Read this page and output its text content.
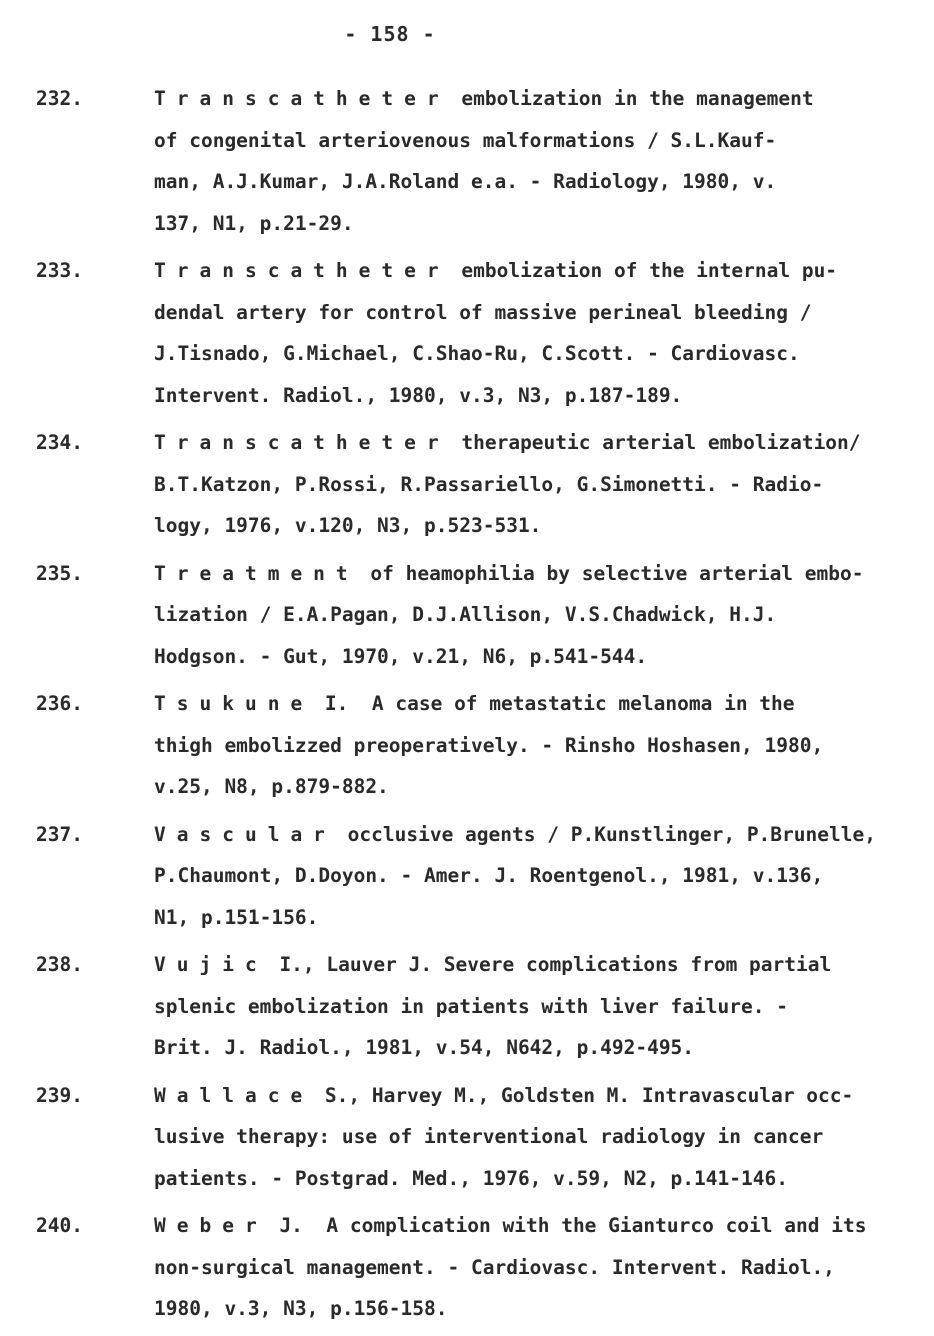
- 158 -
232.	Transcatheter embolization in the management
of congenital arteriovenous malformations / S.L.Kauf-
man, A.J.Kumar, J.A.Roland e.a. - Radiology, 1980, v.
137, N1, p.21-29.
233.	Transcatheter embolization of the internal pu-
dendal artery for control of massive perineal bleeding /
J.Tisnado, G.Michael, C.Shao-Ru, C.Scott. - Cardiovasc.
Intervent. Radiol., 1980, v.3, N3, p.187-189.
234.	Transcatheter therapeutic arterial embolization/
B.T.Katzon, P.Rossi, R.Passariello, G.Simonetti. - Radio-
logy, 1976, v.120, N3, p.523-531.
235.	Treatment of heamophilia by selective arterial embo-
lization / E.A.Pagan, D.J.Allison, V.S.Chadwick, H.J.
Hodgson. - Gut, 1970, v.21, N6, p.541-544.
236.	Tsukune I.  A case of metastatic melanoma in the
thigh embolizzed preoperatively. - Rinsho Hoshasen, 1980,
v.25, N8, p.879-882.
237.	Vascular occlusive agents / P.Kunstlinger, P.Brunelle,
P.Chaumont, D.Doyon. - Amer. J. Roentgenol., 1981, v.136,
N1, p.151-156.
238.	Vujic I., Lauver J. Severe complications from partial
splenic embolization in patients with liver failure. -
Brit. J. Radiol., 1981, v.54, N642, p.492-495.
239.	Wallace S., Harvey M., Goldsten M. Intravascular occ-
lusive therapy: use of interventional radiology in cancer
patients. - Postgrad. Med., 1976, v.59, N2, p.141-146.
240.	Weber J.  A complication with the Gianturco coil and its
non-surgical management. - Cardiovasc. Intervent. Radiol.,
1980, v.3, N3, p.156-158.
